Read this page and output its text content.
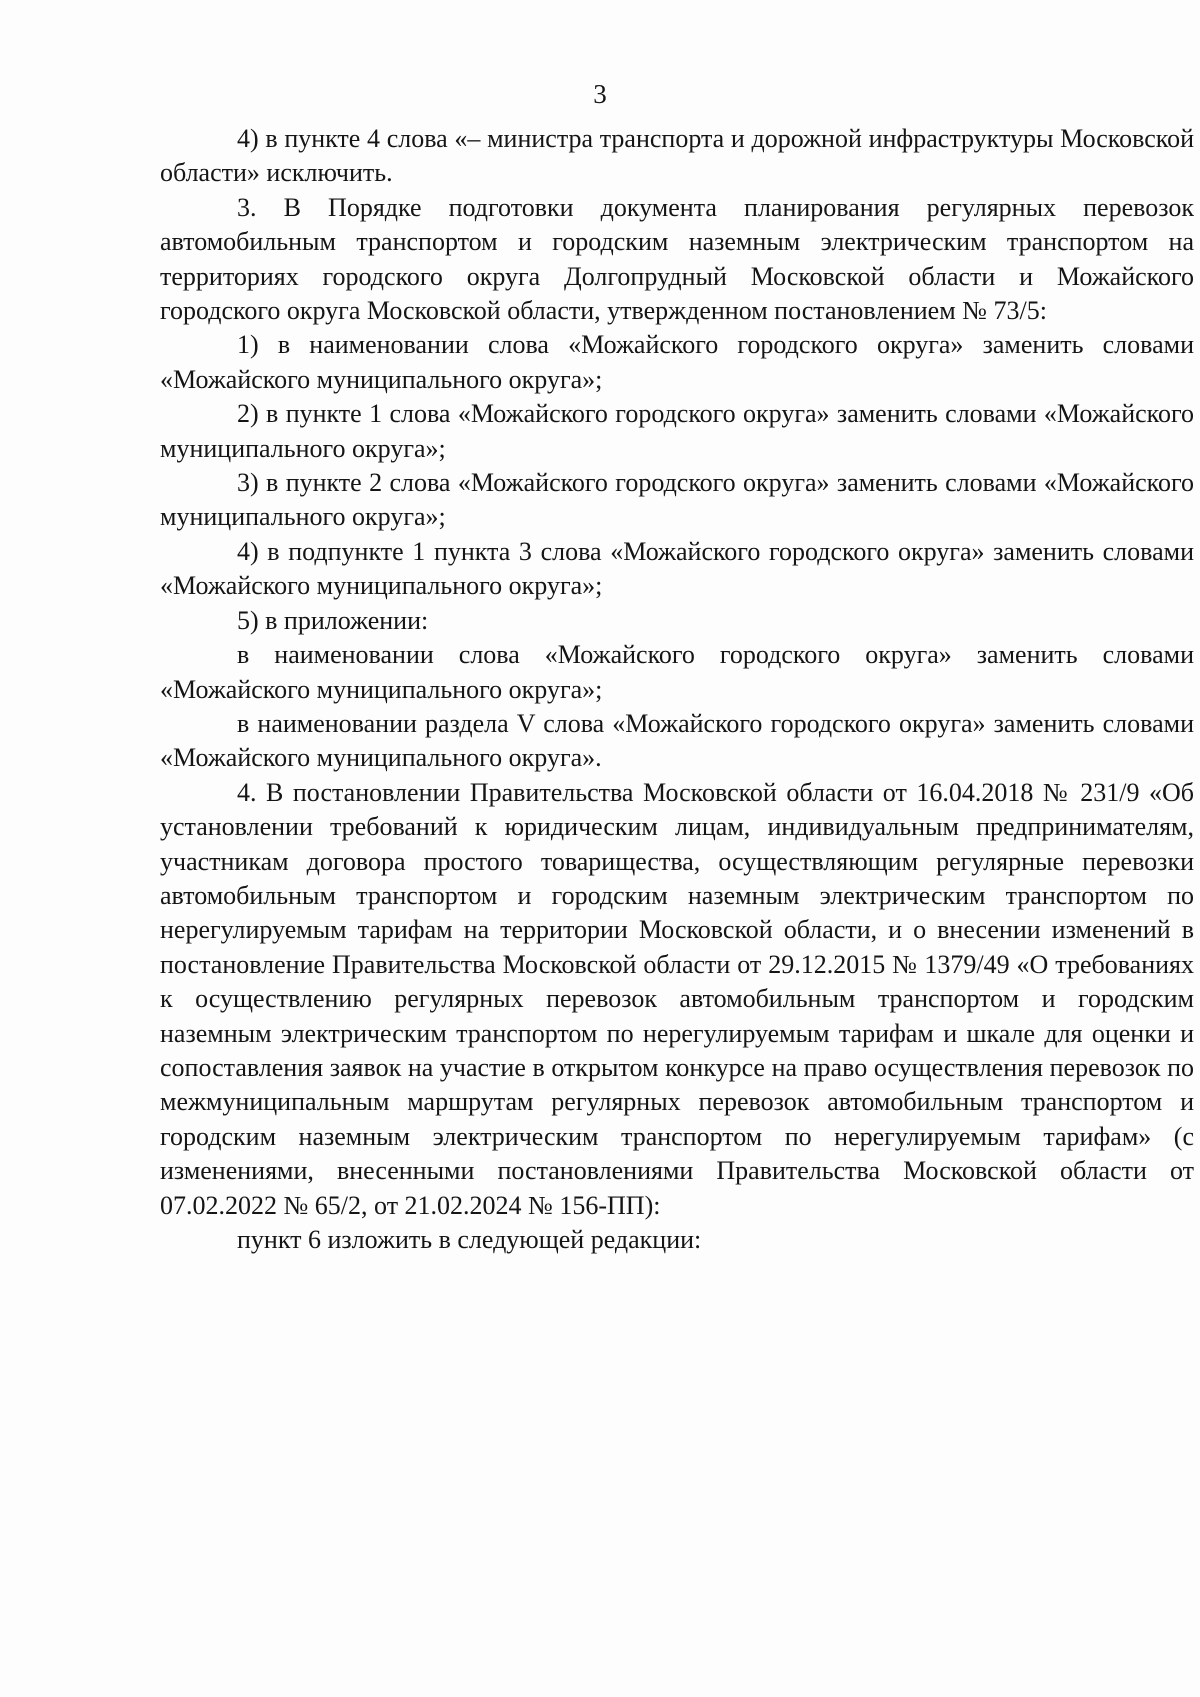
3

4) в пункте 4 слова «– министра транспорта и дорожной инфраструктуры Московской области» исключить.

3. В Порядке подготовки документа планирования регулярных перевозок автомобильным транспортом и городским наземным электрическим транспортом на территориях городского округа Долгопрудный Московской области и Можайского городского округа Московской области, утвержденном постановлением № 73/5:

1) в наименовании слова «Можайского городского округа» заменить словами «Можайского муниципального округа»;

2) в пункте 1 слова «Можайского городского округа» заменить словами «Можайского муниципального округа»;

3) в пункте 2 слова «Можайского городского округа» заменить словами «Можайского муниципального округа»;

4) в подпункте 1 пункта 3 слова «Можайского городского округа» заменить словами «Можайского муниципального округа»;

5) в приложении:

в наименовании слова «Можайского городского округа» заменить словами «Можайского муниципального округа»;

в наименовании раздела V слова «Можайского городского округа» заменить словами «Можайского муниципального округа».

4. В постановлении Правительства Московской области от 16.04.2018 № 231/9 «Об установлении требований к юридическим лицам, индивидуальным предпринимателям, участникам договора простого товарищества, осуществляющим регулярные перевозки автомобильным транспортом и городским наземным электрическим транспортом по нерегулируемым тарифам на территории Московской области, и о внесении изменений в постановление Правительства Московской области от 29.12.2015 № 1379/49 «О требованиях к осуществлению регулярных перевозок автомобильным транспортом и городским наземным электрическим транспортом по нерегулируемым тарифам и шкале для оценки и сопоставления заявок на участие в открытом конкурсе на право осуществления перевозок по межмуниципальным маршрутам регулярных перевозок автомобильным транспортом и городским наземным электрическим транспортом по нерегулируемым тарифам» (с изменениями, внесенными постановлениями Правительства Московской области от 07.02.2022 № 65/2, от 21.02.2024 № 156-ПП):

пункт 6 изложить в следующей редакции:
